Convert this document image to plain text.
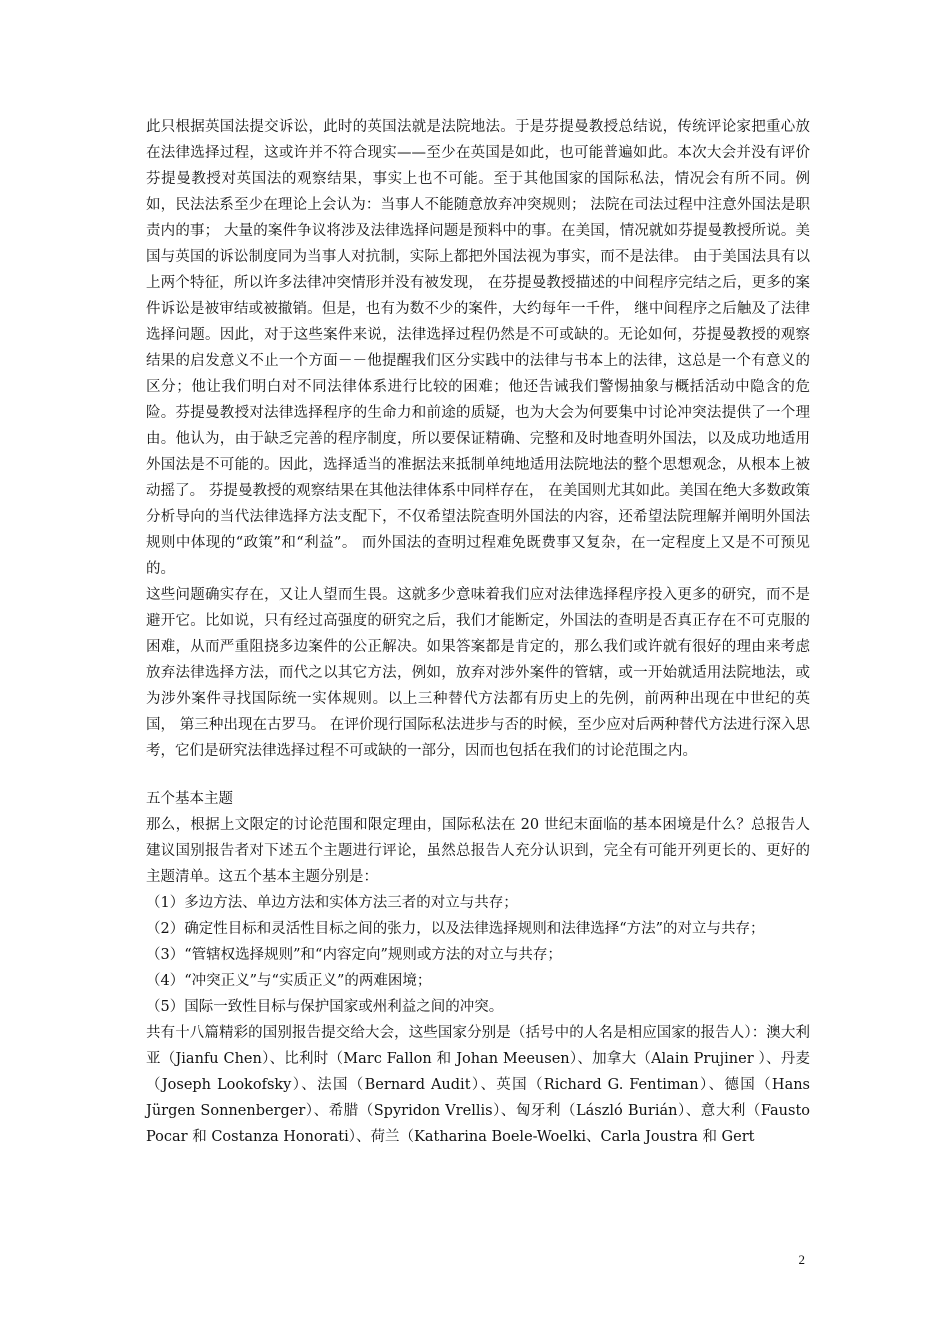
此只根据英国法提交诉讼，此时的英国法就是法院地法。于是芬提曼教授总结说，传统评论家把重心放在法律选择过程，这或许并不符合现实——至少在英国是如此，也可能普遍如此。本次大会并没有评价芬提曼教授对英国法的观察结果，事实上也不可能。至于其他国家的国际私法，情况会有所不同。例如，民法法系至少在理论上会认为：当事人不能随意放弃冲突规则； 法院在司法过程中注意外国法是职责内的事； 大量的案件争议将涉及法律选择问题是预料中的事。在美国，情况就如芬提曼教授所说。美国与英国的诉讼制度同为当事人对抗制，实际上都把外国法视为事实，而不是法律。 由于美国法具有以上两个特征，所以许多法律冲突情形并没有被发现， 在芬提曼教授描述的中间程序完结之后，更多的案件诉讼是被审结或被撤销。但是，也有为数不少的案件，大约每年一千件， 继中间程序之后触及了法律选择问题。因此，对于这些案件来说，法律选择过程仍然是不可或缺的。无论如何，芬提曼教授的观察结果的启发意义不止一个方面－－他提醒我们区分实践中的法律与书本上的法律，这总是一个有意义的区分；他让我们明白对不同法律体系进行比较的困难；他还告诫我们警惕抽象与概括活动中隐含的危险。芬提曼教授对法律选择程序的生命力和前途的质疑，也为大会为何要集中讨论冲突法提供了一个理由。他认为，由于缺乏完善的程序制度，所以要保证精确、完整和及时地查明外国法，以及成功地适用外国法是不可能的。因此，选择适当的准据法来抵制单纯地适用法院地法的整个思想观念，从根本上被动摇了。 芬提曼教授的观察结果在其他法律体系中同样存在， 在美国则尤其如此。美国在绝大多数政策分析导向的当代法律选择方法支配下，不仅希望法院查明外国法的内容，还希望法院理解并阐明外国法规则中体现的“政策”和“利益”。 而外国法的查明过程难免既费事又复杂，在一定程度上又是不可预见的。

这些问题确实存在，又让人望而生畏。这就多少意味着我们应对法律选择程序投入更多的研究，而不是避开它。比如说，只有经过高强度的研究之后，我们才能断定，外国法的查明是否真正存在不可克服的困难，从而严重阻挠多边案件的公正解决。如果答案都是肯定的，那么我们或许就有很好的理由来考虑放弃法律选择方法，而代之以其它方法，例如，放弃对涉外案件的管辖，或一开始就适用法院地法，或为涉外案件寻找国际统一实体规则。以上三种替代方法都有历史上的先例，前两种出现在中世纪的英国， 第三种出现在古罗马。 在评价现行国际私法进步与否的时候，至少应对后两种替代方法进行深入思考，它们是研究法律选择过程不可或缺的一部分，因而也包括在我们的讨论范围之内。

五个基本主题

那么，根据上文限定的讨论范围和限定理由，国际私法在 20 世纪末面临的基本困境是什么？总报告人建议国别报告者对下述五个主题进行评论，虽然总报告人充分认识到，完全有可能开列更长的、更好的主题清单。这五个基本主题分别是：

（1）多边方法、单边方法和实体方法三者的对立与共存；

（2）确定性目标和灵活性目标之间的张力，以及法律选择规则和法律选择“方法”的对立与共存；

（3）“管辖权选择规则”和“内容定向”规则或方法的对立与共存；

（4）“冲突正义”与“实质正义”的两难困境；

（5）国际一致性目标与保护国家或州利益之间的冲突。

共有十八篇精彩的国别报告提交给大会，这些国家分别是（括号中的人名是相应国家的报告人）：澳大利亚（Jianfu Chen）、比利时（Marc Fallon 和 Johan Meeusen）、加拿大（Alain Prujiner ）、丹麦（Joseph Lookofsky）、法国（Bernard Audit）、英国（Richard G. Fentiman）、德国（Hans Jürgen Sonnenberger）、希腊（Spyridon Vrellis）、匈牙利（László Burián）、意大利（Fausto Pocar 和 Costanza Honorati）、荷兰（Katharina Boele-Woelki、Carla Joustra 和 Gert

2
